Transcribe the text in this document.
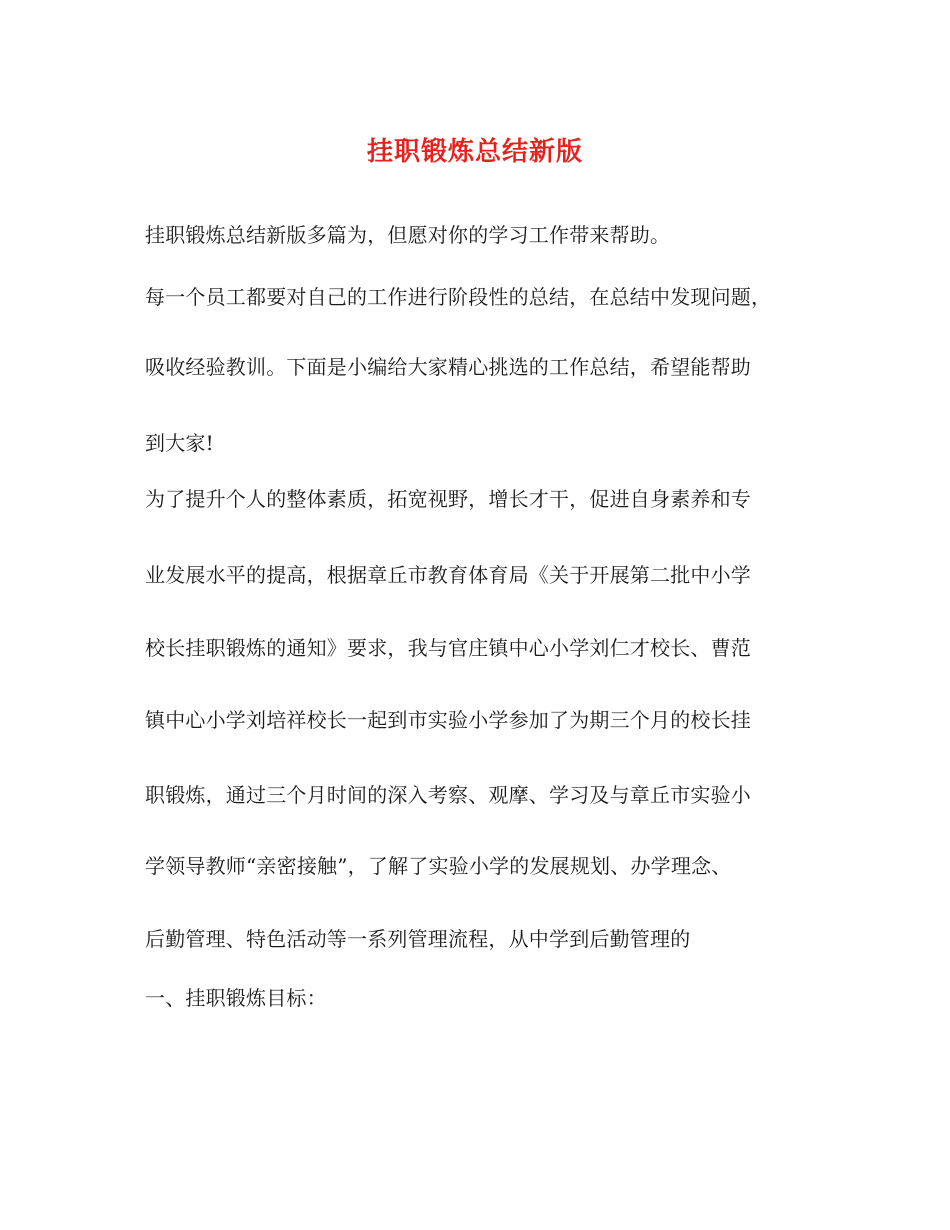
挂职锻炼总结新版

挂职锻炼总结新版多篇为，但愿对你的学习工作带来帮助。

每一个员工都要对自己的工作进行阶段性的总结，在总结中发现问题，

吸收经验教训。下面是小编给大家精心挑选的工作总结，希望能帮助

到大家!

为了提升个人的整体素质，拓宽视野，增长才干，促进自身素养和专

业发展水平的提高，根据章丘市教育体育局《关于开展第二批中小学

校长挂职锻炼的通知》要求，我与官庄镇中心小学刘仁才校长、曹范

镇中心小学刘培祥校长一起到市实验小学参加了为期三个月的校长挂

职锻炼，通过三个月时间的深入考察、观摩、学习及与章丘市实验小

学领导教师“亲密接触”，了解了实验小学的发展规划、办学理念、

后勤管理、特色活动等一系列管理流程，从中学到后勤管理的

一、挂职锻炼目标：
